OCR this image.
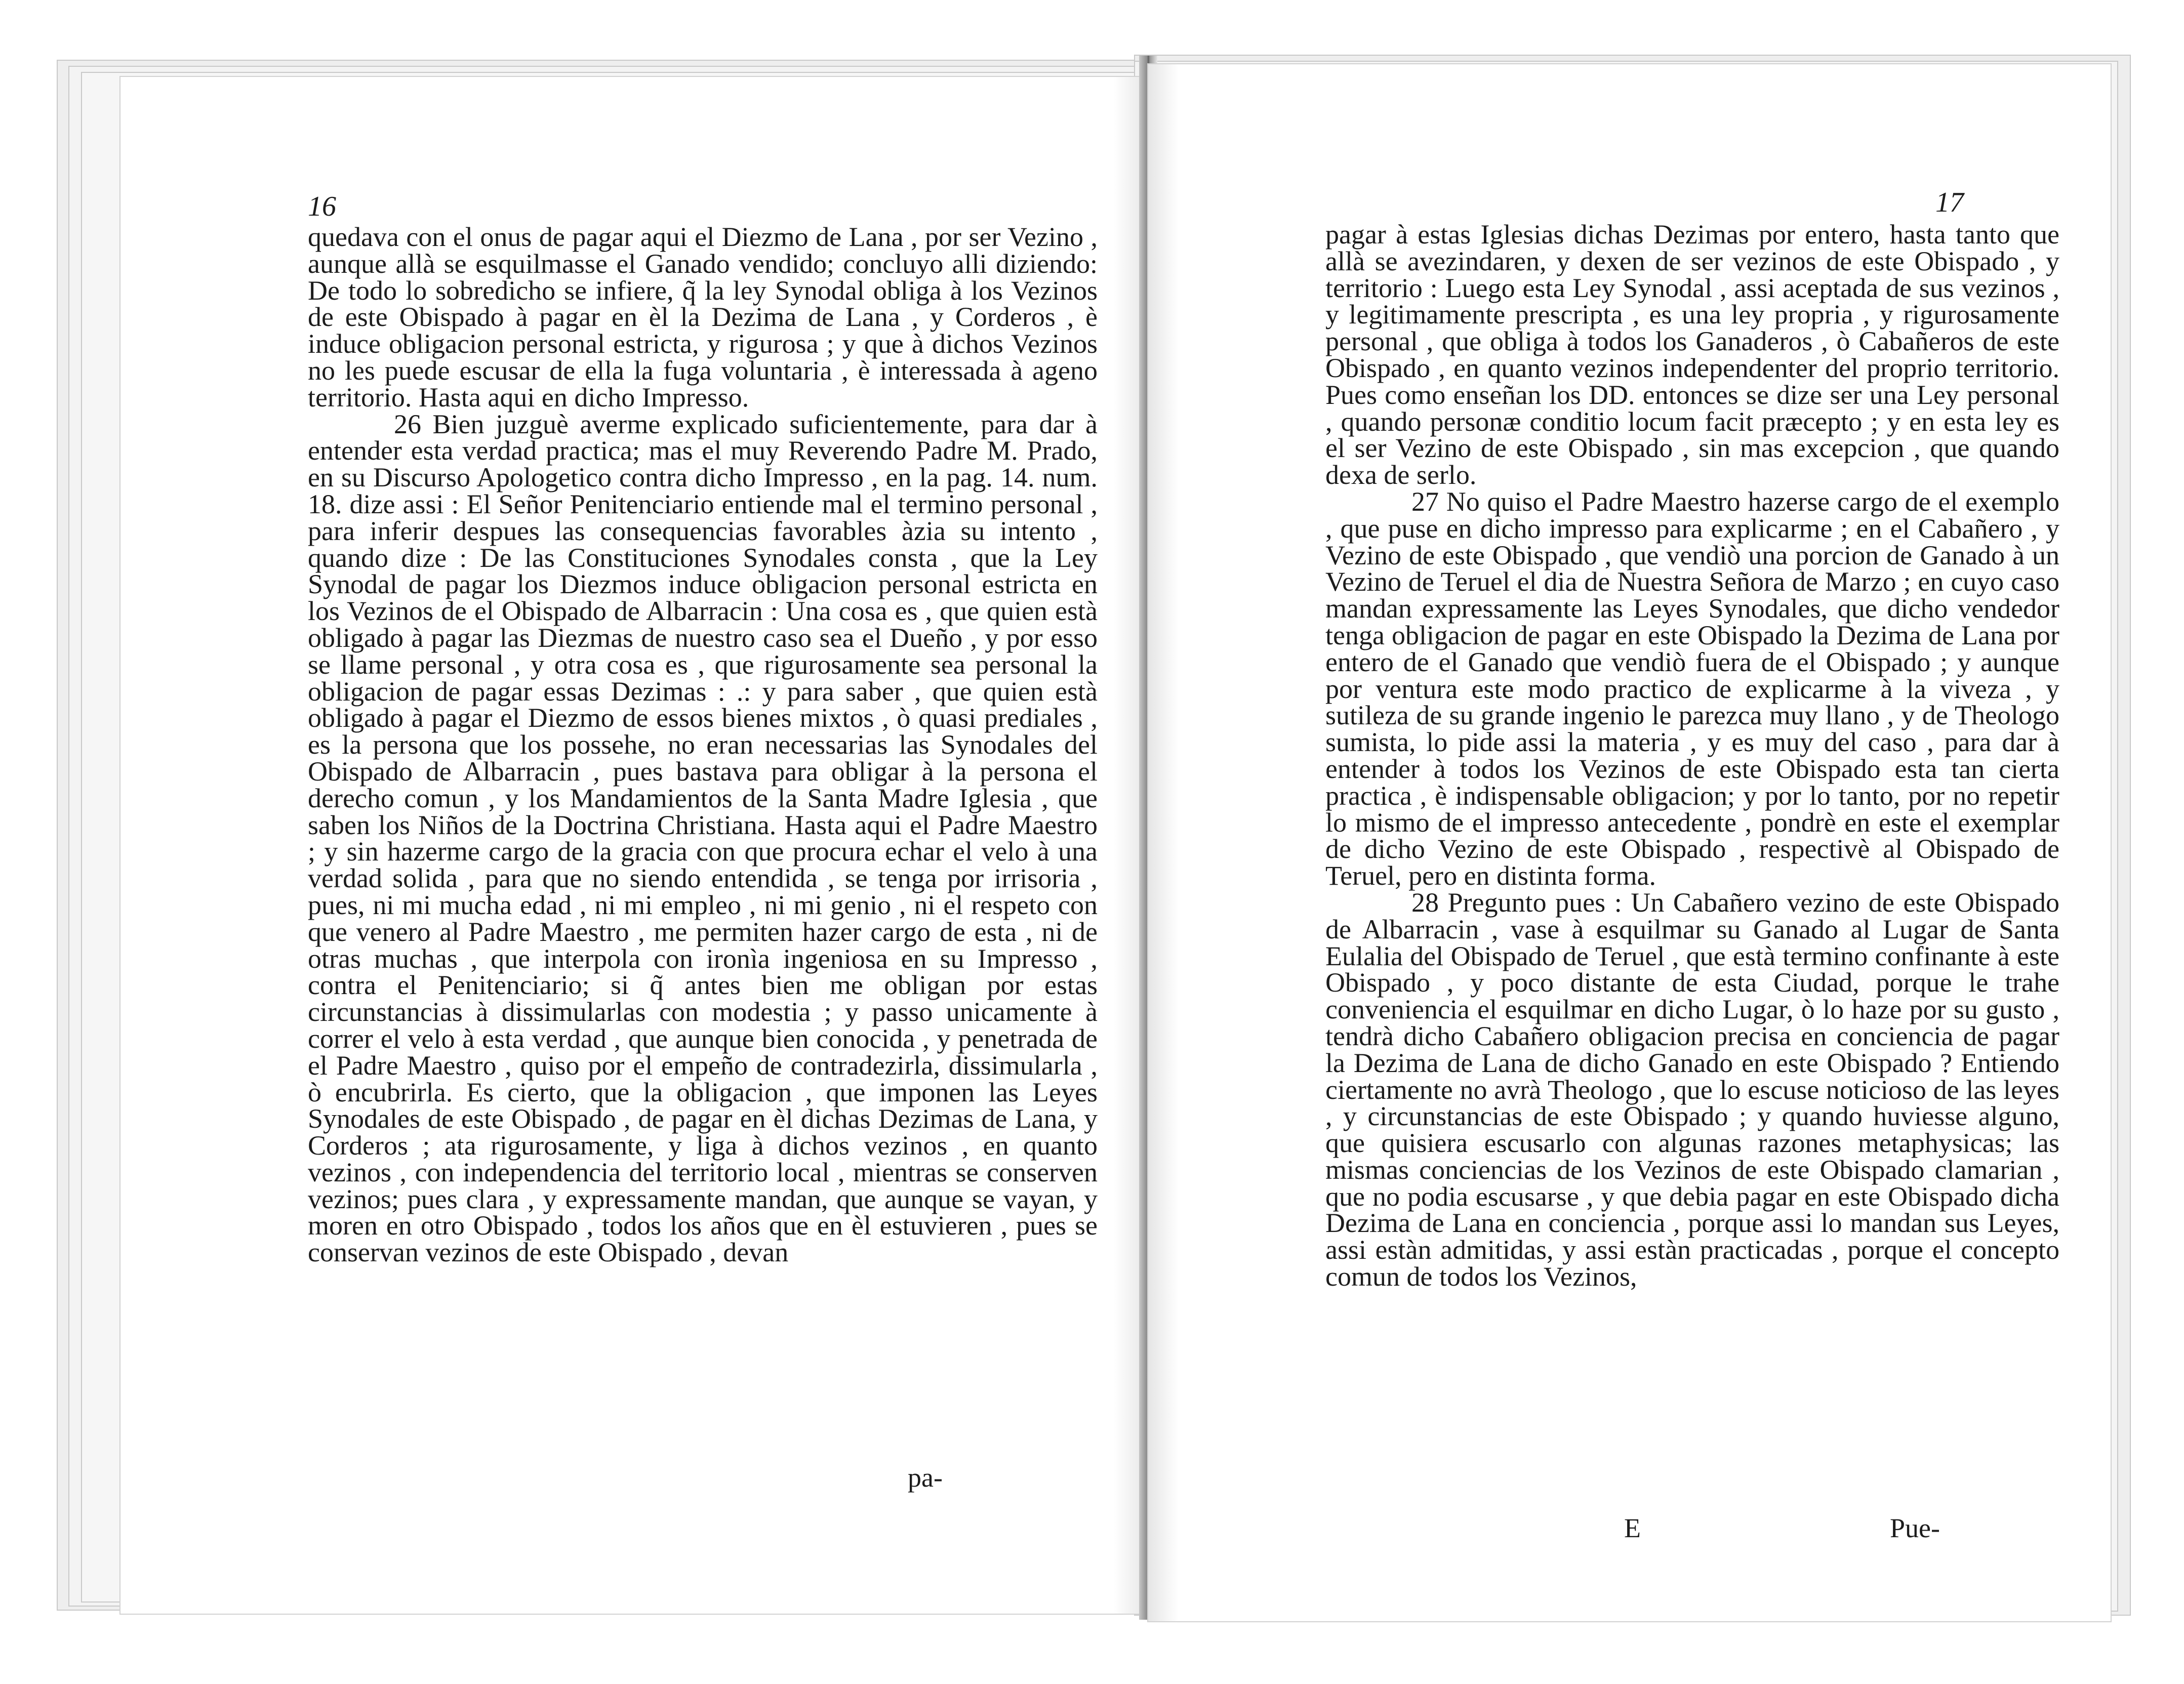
16

quedava con el onus de pagar aqui el Diezmo de Lana , por ser Vezino , aunque allà se esquilmasse el Ganado vendido; concluyo alli diziendo: De todo lo sobredicho se infiere, q̃ la ley Synodal obliga à los Vezinos de este Obispado à pagar en èl la Dezima de Lana , y Corderos , è induce obligacion personal estricta, y rigurosa ; y que à dichos Vezinos no les puede escusar de ella la fuga voluntaria , è interessada à ageno territorio. Hasta aqui en dicho Impresso.

26 Bien juzguè averme explicado suficientemente, para dar à entender esta verdad practica; mas el muy Reverendo Padre M. Prado, en su Discurso Apologetico contra dicho Impresso , en la pag. 14. num. 18. dize assi : El Señor Penitenciario entiende mal el termino personal , para inferir despues las consequencias favorables àzia su intento , quando dize : De las Constituciones Synodales consta , que la Ley Synodal de pagar los Diezmos induce obligacion personal estricta en los Vezinos de el Obispado de Albarracin : Una cosa es , que quien està obligado à pagar las Diezmas de nuestro caso sea el Dueño , y por esso se llame personal , y otra cosa es , que rigurosamente sea personal la obligacion de pagar essas Dezimas : .: y para saber , que quien està obligado à pagar el Diezmo de essos bienes mixtos , ò quasi prediales , es la persona que los possehe, no eran necessarias las Synodales del Obispado de Albarracin , pues bastava para obligar à la persona el derecho comun , y los Mandamientos de la Santa Madre Iglesia , que saben los Niños de la Doctrina Christiana. Hasta aqui el Padre Maestro ; y sin hazerme cargo de la gracia con que procura echar el velo à una verdad solida , para que no siendo entendida , se tenga por irrisoria , pues, ni mi mucha edad , ni mi empleo , ni mi genio , ni el respeto con que venero al Padre Maestro , me permiten hazer cargo de esta , ni de otras muchas , que interpola con ironìa ingeniosa en su Impresso , contra el Penitenciario; si q̃ antes bien me obligan por estas circunstancias à dissimularlas con modestia ; y passo unicamente à correr el velo à esta verdad , que aunque bien conocida , y penetrada de el Padre Maestro , quiso por el empeño de contradezirla, dissimularla , ò encubrirla. Es cierto, que la obligacion , que imponen las Leyes Synodales de este Obispado , de pagar en èl dichas Dezimas de Lana, y Corderos ; ata rigurosamente, y liga à dichos vezinos , en quanto vezinos , con independencia del territorio local , mientras se conserven vezinos; pues clara , y expressamente mandan, que aunque se vayan, y moren en otro Obispado , todos los años que en èl estuvieren , pues se conservan vezinos de este Obispado , devan

pa-
17

pagar à estas Iglesias dichas Dezimas por entero, hasta tanto que allà se avezindaren, y dexen de ser vezinos de este Obispado , y territorio : Luego esta Ley Synodal , assi aceptada de sus vezinos , y legitimamente prescripta , es una ley propria , y rigurosamente personal , que obliga à todos los Ganaderos , ò Cabañeros de este Obispado , en quanto vezinos independenter del proprio territorio. Pues como enseñan los DD. entonces se dize ser una Ley personal , quando personæ conditio locum facit præcepto ; y en esta ley es el ser Vezino de este Obispado , sin mas excepcion , que quando dexa de serlo.

27 No quiso el Padre Maestro hazerse cargo de el exemplo , que puse en dicho impresso para explicarme ; en el Cabañero , y Vezino de este Obispado , que vendiò una porcion de Ganado à un Vezino de Teruel el dia de Nuestra Señora de Marzo ; en cuyo caso mandan expressamente las Leyes Synodales, que dicho vendedor tenga obligacion de pagar en este Obispado la Dezima de Lana por entero de el Ganado que vendiò fuera de el Obispado ; y aunque por ventura este modo practico de explicarme à la viveza , y sutileza de su grande ingenio le parezca muy llano , y de Theologo sumista, lo pide assi la materia , y es muy del caso , para dar à entender à todos los Vezinos de este Obispado esta tan cierta practica , è indispensable obligacion; y por lo tanto, por no repetir lo mismo de el impresso antecedente , pondrè en este el exemplar de dicho Vezino de este Obispado , respectivè al Obispado de Teruel, pero en distinta forma.

28 Pregunto pues : Un Cabañero vezino de este Obispado de Albarracin , vase à esquilmar su Ganado al Lugar de Santa Eulalia del Obispado de Teruel , que està termino confinante à este Obispado , y poco distante de esta Ciudad, porque le trahe conveniencia el esquilmar en dicho Lugar, ò lo haze por su gusto , tendrà dicho Cabañero obligacion precisa en conciencia de pagar la Dezima de Lana de dicho Ganado en este Obispado ? Entiendo ciertamente no avrà Theologo , que lo escuse noticioso de las leyes , y circunstancias de este Obispado ; y quando huviesse alguno, que quisiera escusarlo con algunas razones metaphysicas; las mismas conciencias de los Vezinos de este Obispado clamarian , que no podia escusarse , y que debia pagar en este Obispado dicha Dezima de Lana en conciencia , porque assi lo mandan sus Leyes, assi estàn admitidas, y assi estàn practicadas , porque el concepto comun de todos los Vezinos,

E	Pue-
